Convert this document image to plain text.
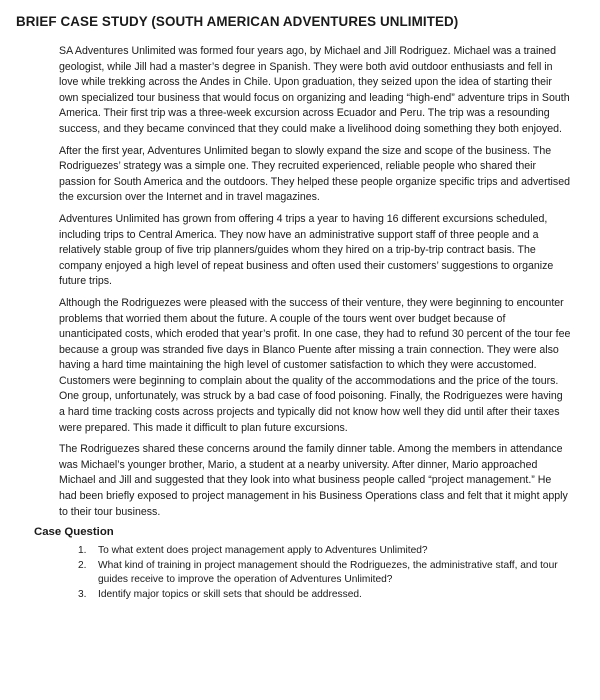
BRIEF CASE STUDY (SOUTH AMERICAN ADVENTURES UNLIMITED)

SA Adventures Unlimited was formed four years ago, by Michael and Jill Rodriguez. Michael was a trained geologist, while Jill had a master’s degree in Spanish. They were both avid outdoor enthusiasts and fell in love while trekking across the Andes in Chile. Upon graduation, they seized upon the idea of starting their own specialized tour business that would focus on organizing and leading “high-end” adventure trips in South America. Their first trip was a three-week excursion across Ecuador and Peru. The trip was a resounding success, and they became convinced that they could make a livelihood doing something they both enjoyed.

After the first year, Adventures Unlimited began to slowly expand the size and scope of the business. The Rodriguezes’ strategy was a simple one. They recruited experienced, reliable people who shared their passion for South America and the outdoors. They helped these people organize specific trips and advertised the excursion over the Internet and in travel magazines.

Adventures Unlimited has grown from offering 4 trips a year to having 16 different excursions scheduled, including trips to Central America. They now have an administrative support staff of three people and a relatively stable group of five trip planners/guides whom they hired on a trip-by-trip contract basis. The company enjoyed a high level of repeat business and often used their customers’ suggestions to organize future trips.

Although the Rodriguezes were pleased with the success of their venture, they were beginning to encounter problems that worried them about the future. A couple of the tours went over budget because of unanticipated costs, which eroded that year’s profit. In one case, they had to refund 30 percent of the tour fee because a group was stranded five days in Blanco Puente after missing a train connection. They were also having a hard time maintaining the high level of customer satisfaction to which they were accustomed. Customers were beginning to complain about the quality of the accommodations and the price of the tours. One group, unfortunately, was struck by a bad case of food poisoning. Finally, the Rodriguezes were having a hard time tracking costs across projects and typically did not know how well they did until after their taxes were prepared. This made it difficult to plan future excursions.

The Rodriguezes shared these concerns around the family dinner table. Among the members in attendance was Michael’s younger brother, Mario, a student at a nearby university. After dinner, Mario approached Michael and Jill and suggested that they look into what business people called “project management.” He had been briefly exposed to project management in his Business Operations class and felt that it might apply to their tour business.

Case Question
1.	To what extent does project management apply to Adventures Unlimited?
2.	What kind of training in project management should the Rodriguezes, the administrative staff, and tour guides receive to improve the operation of Adventures Unlimited?
3.	Identify major topics or skill sets that should be addressed.
